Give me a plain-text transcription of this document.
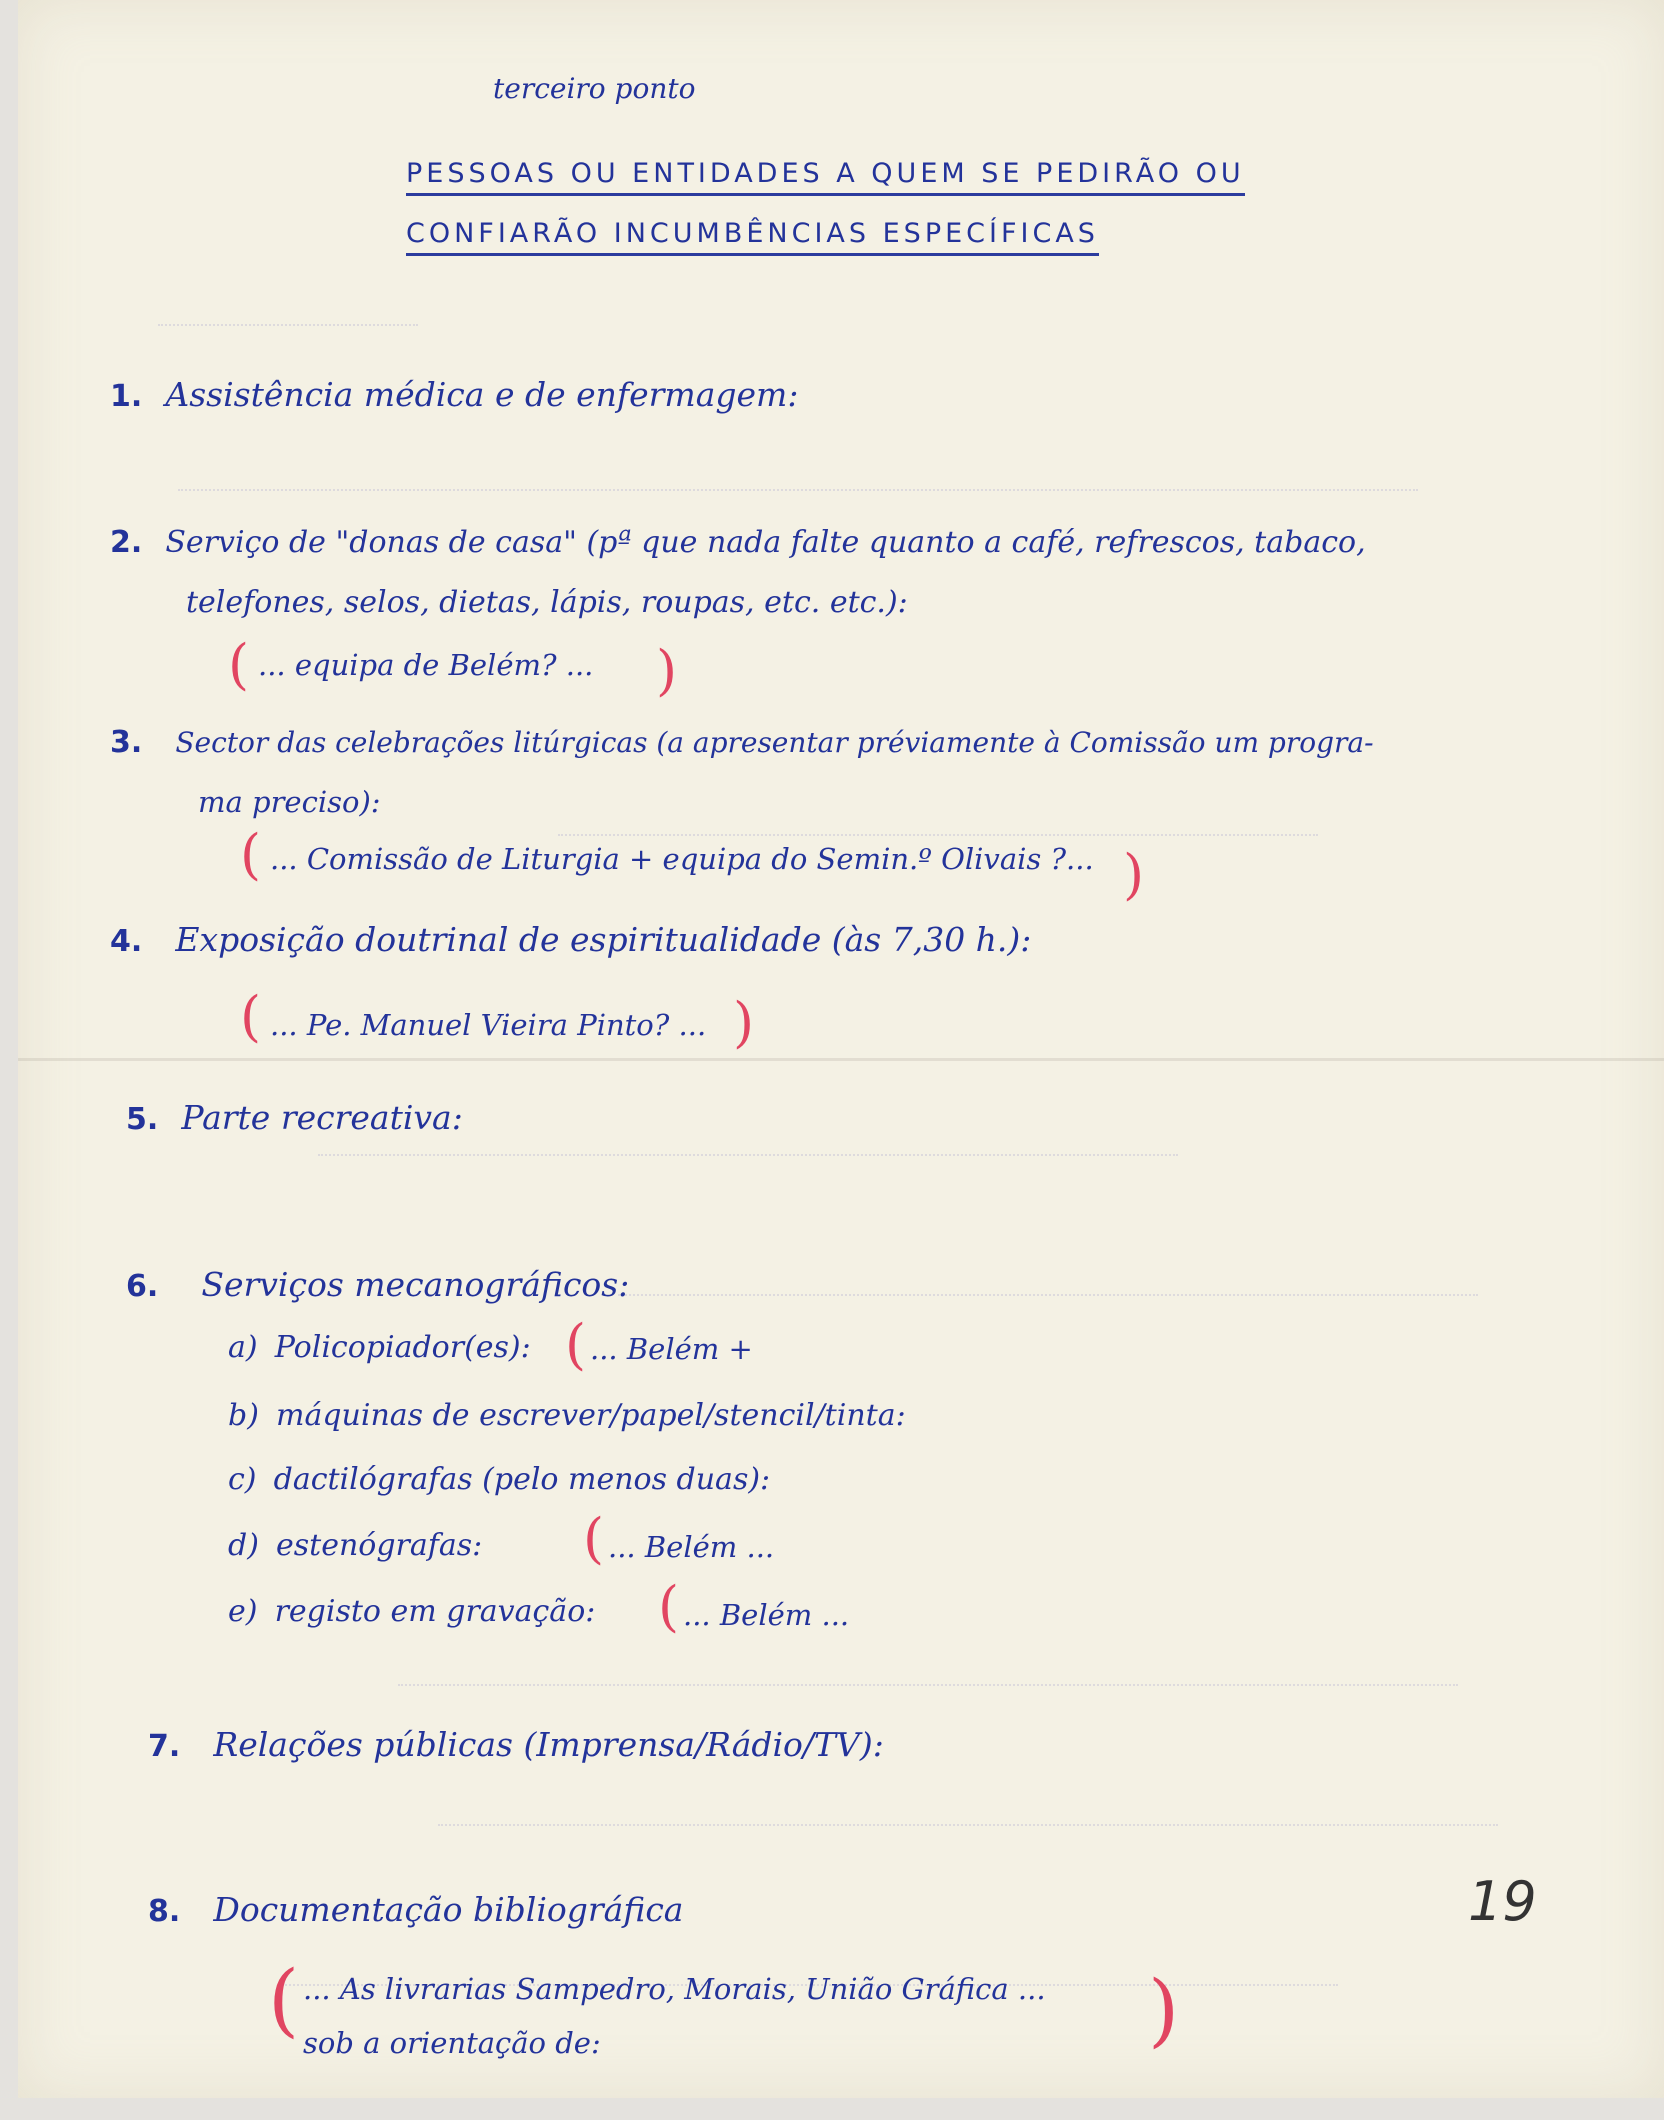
terceiro ponto
PESSOAS OU ENTIDADES A QUEM SE PEDIRÃO OU
CONFIARÃO INCUMBÊNCIAS ESPECÍFICAS
1. Assistência médica e de enfermagem:
2. Serviço de "donas de casa" (pª que nada falte quanto a café, refrescos, tabaco,
telefones, selos, dietas, lápis, roupas, etc. etc.):
( ... equipa de Belém? ... )
3. Sector das celebrações litúrgicas (a apresentar préviamente à Comissão um progra-
ma preciso):
( ... Comissão de Liturgia + equipa do Semin.º Olivais ?... )
4. Exposição doutrinal de espiritualidade (às 7,30 h.):
( ... Pe. Manuel Vieira Pinto? ... )
5. Parte recreativa:
6. Serviços mecanográficos:
a) Policopiador(es): ( ... Belém +
b) máquinas de escrever/papel/stencil/tinta:
c) dactilógrafas (pelo menos duas):
d) estenógrafas: ( ... Belém ...
e) registo em gravação: ( ... Belém ...
7. Relações públicas (Imprensa/Rádio/TV):
8. Documentação bibliográfica
( ... As livrarias Sampedro, Morais, União Gráfica ...
sob a orientação de:	)
19
